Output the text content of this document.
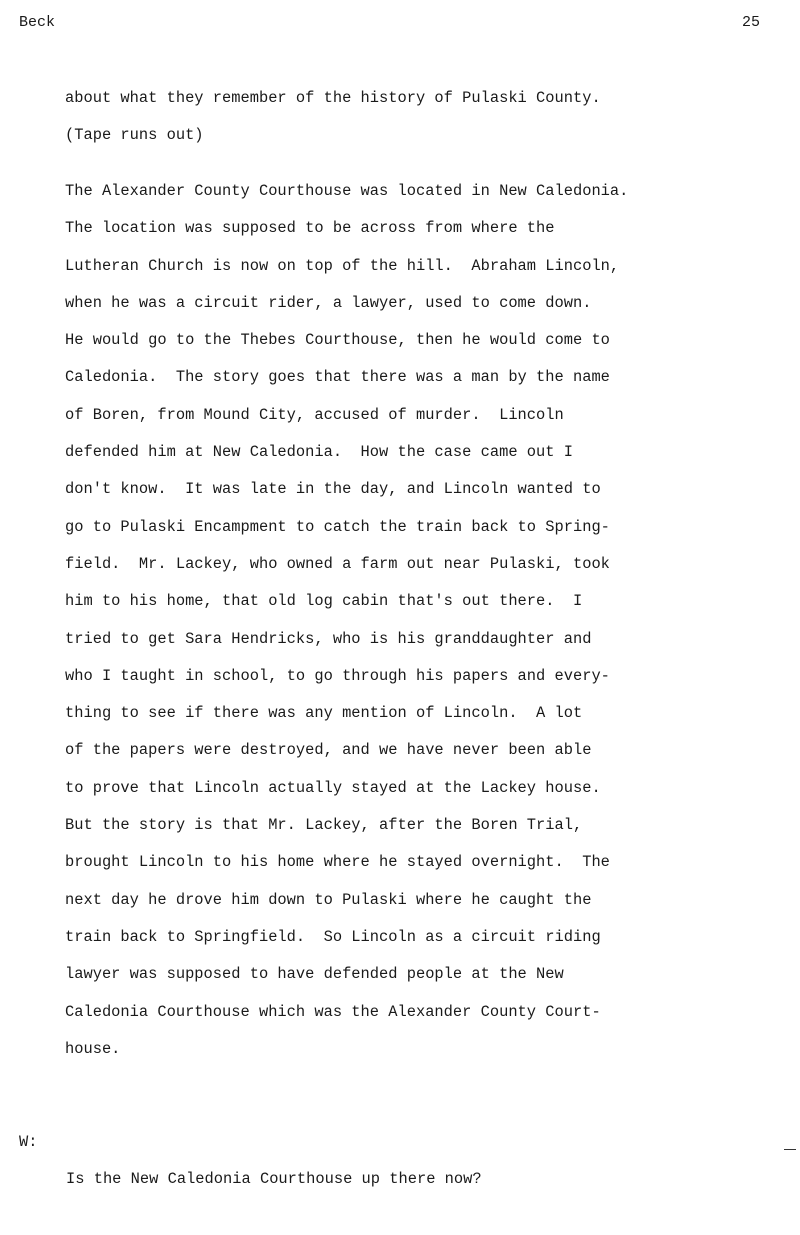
Beck	25
about what they remember of the history of Pulaski County.
(Tape runs out)
The Alexander County Courthouse was located in New Caledonia.
The location was supposed to be across from where the
Lutheran Church is now on top of the hill.  Abraham Lincoln,
when he was a circuit rider, a lawyer, used to come down.
He would go to the Thebes Courthouse, then he would come to
Caledonia.  The story goes that there was a man by the name
of Boren, from Mound City, accused of murder.  Lincoln
defended him at New Caledonia.  How the case came out I
don't know.  It was late in the day, and Lincoln wanted to
go to Pulaski Encampment to catch the train back to Spring-
field.  Mr. Lackey, who owned a farm out near Pulaski, took
him to his home, that old log cabin that's out there.  I
tried to get Sara Hendricks, who is his granddaughter and
who I taught in school, to go through his papers and every-
thing to see if there was any mention of Lincoln.  A lot
of the papers were destroyed, and we have never been able
to prove that Lincoln actually stayed at the Lackey house.
But the story is that Mr. Lackey, after the Boren Trial,
brought Lincoln to his home where he stayed overnight.  The
next day he drove him down to Pulaski where he caught the
train back to Springfield.  So Lincoln as a circuit riding
lawyer was supposed to have defended people at the New
Caledonia Courthouse which was the Alexander County Court-
house.

W:

Is the New Caledonia Courthouse up there now?
